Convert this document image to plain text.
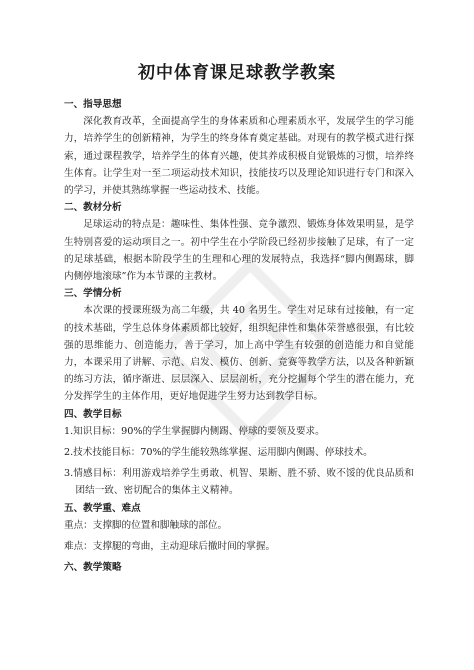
初中体育课足球教学教案

一、指导思想

深化教育改革，全面提高学生的身体素质和心理素质水平，发展学生的学习能力，培养学生的创新精神，为学生的终身体育奠定基础。对现有的教学模式进行探索，通过课程教学，培养学生的体育兴趣，使其养成积极自觉锻炼的习惯，培养终生体育。让学生对一至二项运动技术知识，技能技巧以及理论知识进行专门和深入的学习，并使其熟练掌握一些运动技术、技能。

二、教材分析

足球运动的特点是：趣味性、集体性强、竞争激烈、锻炼身体效果明显，是学生特别喜爱的运动项目之一。初中学生在小学阶段已经初步接触了足球，有了一定的足球基础，根据本阶段学生的生理和心理的发展特点，我选择“脚内侧踢球，脚内侧停地滚球”作为本节课的主教材。

三、学情分析

本次课的授课班级为高二年级，共 40 名男生。学生对足球有过接触，有一定的技术基础，学生总体身体素质都比较好，组织纪律性和集体荣誉感很强，有比较强的思维能力、创造能力，善于学习，加上高中学生有较强的创造能力和自觉能力，本课采用了讲解、示范、启发、模仿、创新、竞赛等教学方法，以及各种新颖的练习方法，循序渐进、层层深入、层层剖析，充分挖掘每个学生的潜在能力，充分发挥学生的主体作用，更好地促进学生努力达到教学目标。

四、教学目标

1.知识目标：90%的学生掌握脚内侧踢、停球的要领及要求。

2.技术技能目标：70%的学生能较熟练掌握、运用脚内侧踢、停球技术。

3.情感目标：利用游戏培养学生勇敢、机智、果断、胜不骄、败不馁的优良品质和团结一致、密切配合的集体主义精神。

五、教学重、难点

重点：支撑脚的位置和脚触球的部位。

难点：支撑腿的弯曲，主动迎球后撤时间的掌握。

六、教学策略
